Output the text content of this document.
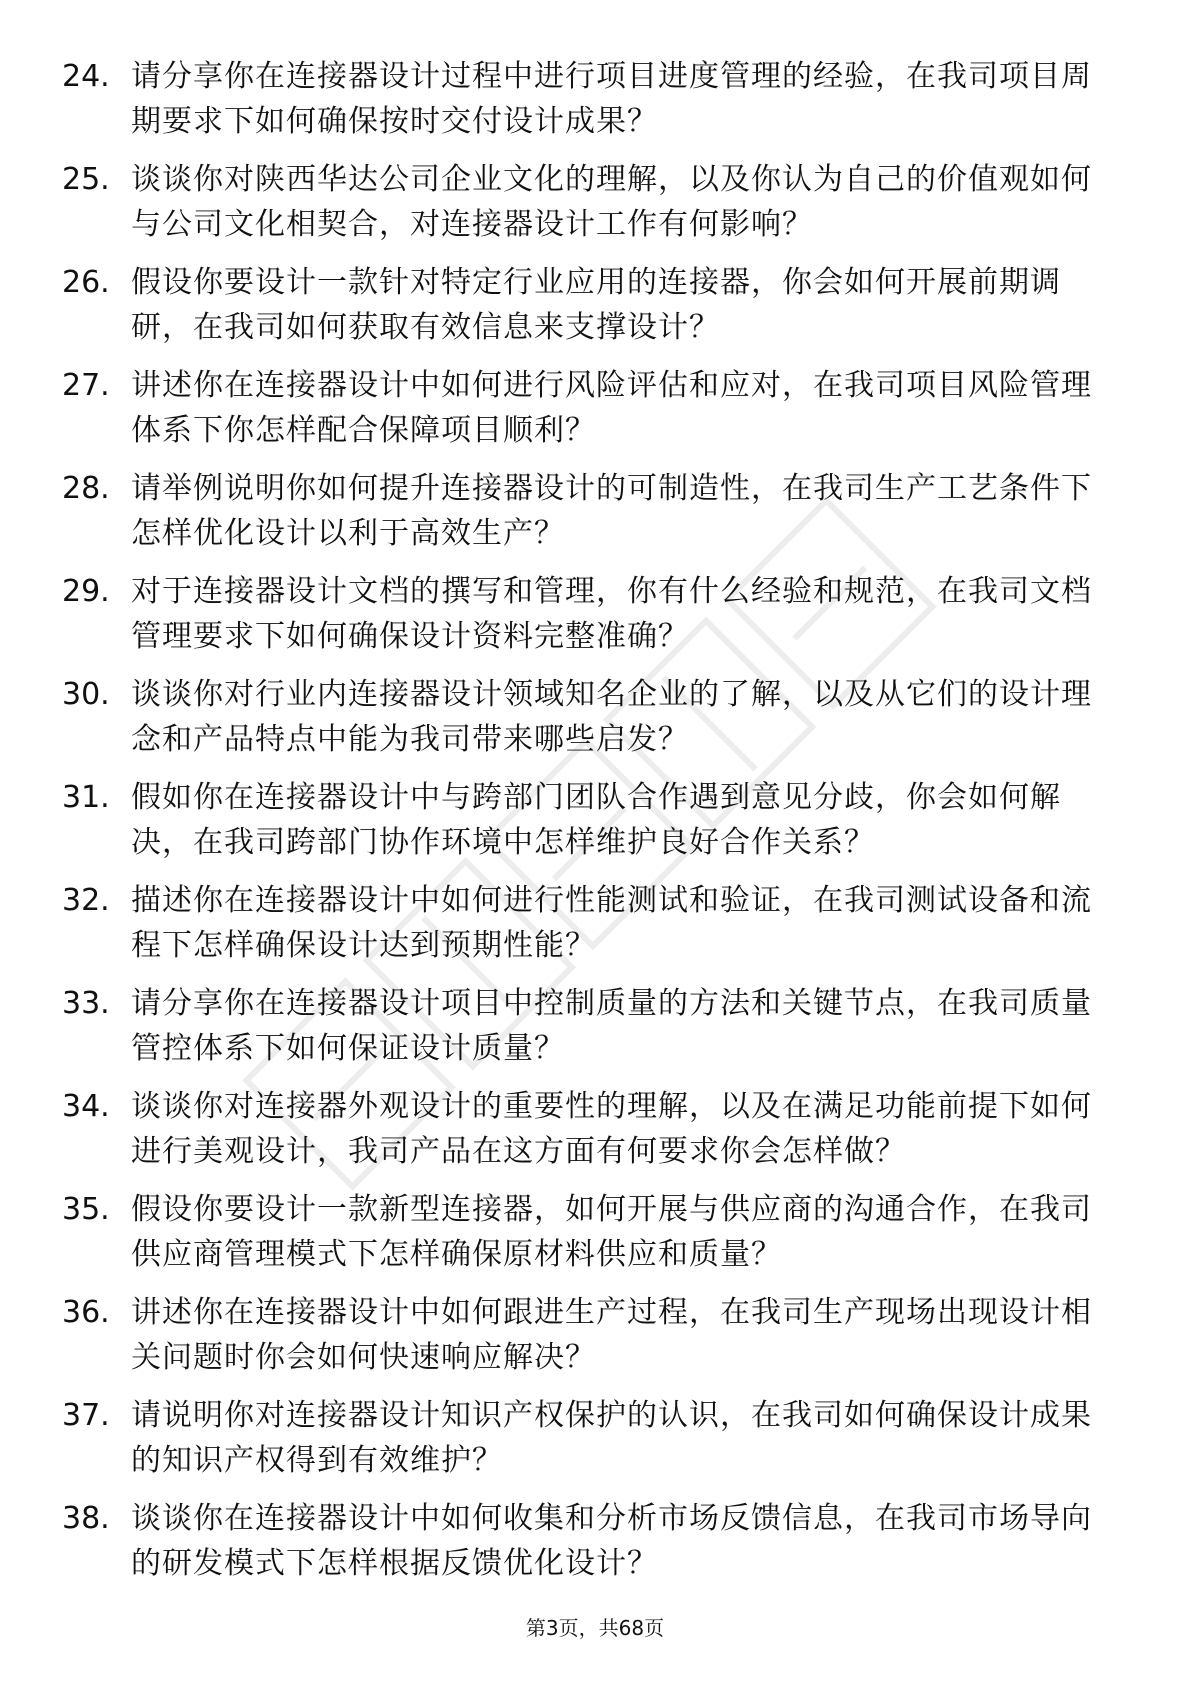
24. 请分享你在连接器设计过程中进行项目进度管理的经验，在我司项目周期要求下如何确保按时交付设计成果？
25. 谈谈你对陕西华达公司企业文化的理解，以及你认为自己的价值观如何与公司文化相契合，对连接器设计工作有何影响？
26. 假设你要设计一款针对特定行业应用的连接器，你会如何开展前期调研，在我司如何获取有效信息来支撑设计？
27. 讲述你在连接器设计中如何进行风险评估和应对，在我司项目风险管理体系下你怎样配合保障项目顺利？
28. 请举例说明你如何提升连接器设计的可制造性，在我司生产工艺条件下怎样优化设计以利于高效生产？
29. 对于连接器设计文档的撰写和管理，你有什么经验和规范，在我司文档管理要求下如何确保设计资料完整准确？
30. 谈谈你对行业内连接器设计领域知名企业的了解，以及从它们的设计理念和产品特点中能为我司带来哪些启发？
31. 假如你在连接器设计中与跨部门团队合作遇到意见分歧，你会如何解决，在我司跨部门协作环境中怎样维护良好合作关系？
32. 描述你在连接器设计中如何进行性能测试和验证，在我司测试设备和流程下怎样确保设计达到预期性能？
33. 请分享你在连接器设计项目中控制质量的方法和关键节点，在我司质量管控体系下如何保证设计质量？
34. 谈谈你对连接器外观设计的重要性的理解，以及在满足功能前提下如何进行美观设计，我司产品在这方面有何要求你会怎样做？
35. 假设你要设计一款新型连接器，如何开展与供应商的沟通合作，在我司供应商管理模式下怎样确保原材料供应和质量？
36. 讲述你在连接器设计中如何跟进生产过程，在我司生产现场出现设计相关问题时你会如何快速响应解决？
37. 请说明你对连接器设计知识产权保护的认识，在我司如何确保设计成果的知识产权得到有效维护？
38. 谈谈你在连接器设计中如何收集和分析市场反馈信息，在我司市场导向的研发模式下怎样根据反馈优化设计？
第3页，共68页
